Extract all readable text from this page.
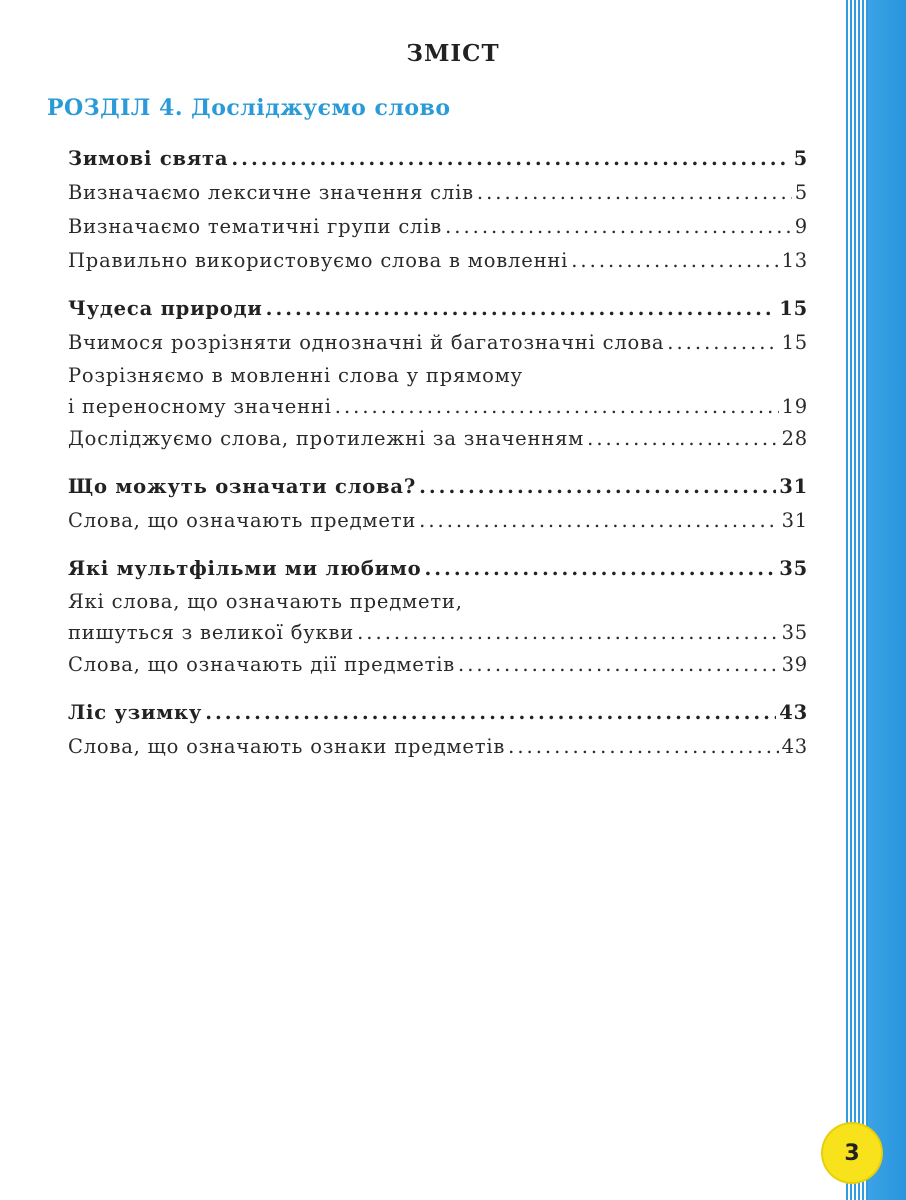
ЗМІСТ
РОЗДІЛ 4. Досліджуємо слово
Зимові свята .....	5
Визначаємо лексичне значення слів .....	5
Визначаємо тематичні групи слів .....	9
Правильно використовуємо слова в мовленні .....	13
Чудеса природи .....	15
Вчимося розрізняти однозначні й багатозначні слова .....	15
Розрізняємо в мовленні слова у прямому
і переносному значенні .....	19
Досліджуємо слова, протилежні за значенням .....	28
Що можуть означати слова? .....	31
Слова, що означають предмети .....	31
Які мультфільми ми любимо .....	35
Які слова, що означають предмети,
пишуться з великої букви .....	35
Слова, що означають дії предметів .....	39
Ліс узимку .....	43
Слова, що означають ознаки предметів .....	43
3
